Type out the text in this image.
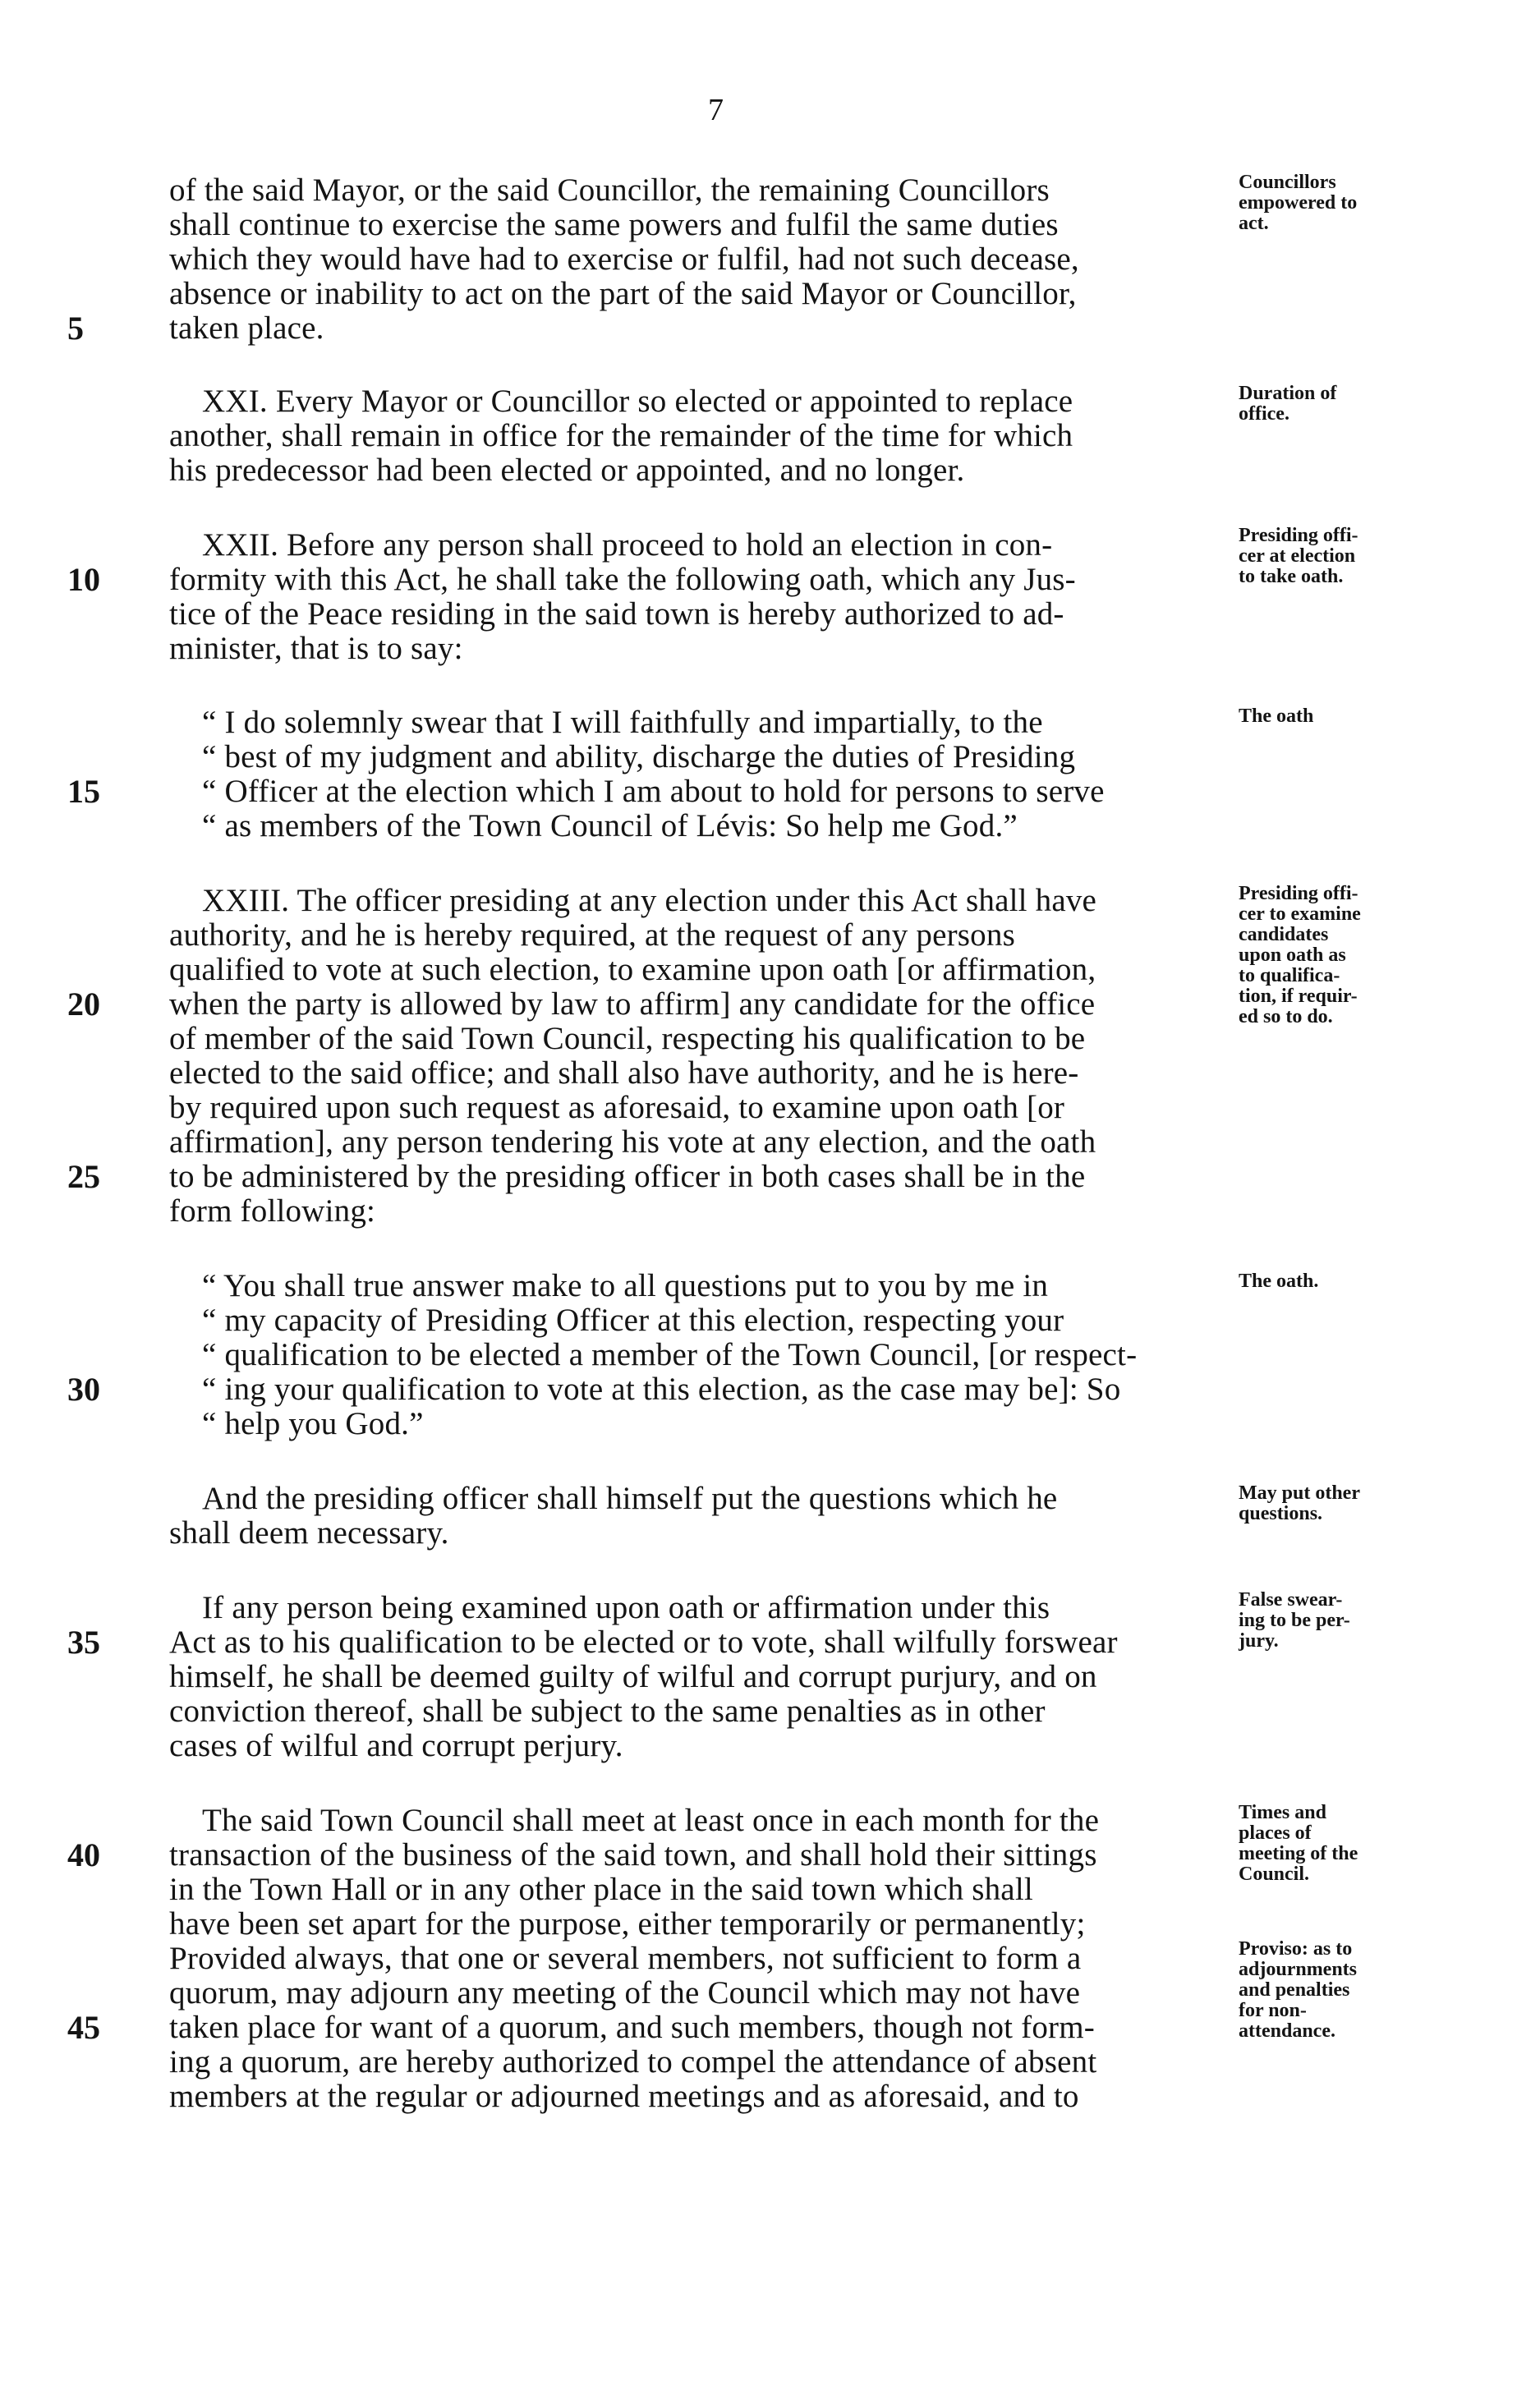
7
of the said Mayor, or the said Councillor, the remaining Councillors
shall continue to exercise the same powers and fulfil the same duties
which they would have had to exercise or fulfil, had not such decease,
absence or inability to act on the part of the said Mayor or Councillor,
taken place.
XXI. Every Mayor or Councillor so elected or appointed to replace
another, shall remain in office for the remainder of the time for which
his predecessor had been elected or appointed, and no longer.
XXII. Before any person shall proceed to hold an election in con-
formity with this Act, he shall take the following oath, which any Jus-
tice of the Peace residing in the said town is hereby authorized to ad-
minister, that is to say:
“ I do solemnly swear that I will faithfully and impartially, to the
“ best of my judgment and ability, discharge the duties of Presiding
“ Officer at the election which I am about to hold for persons to serve
“ as members of the Town Council of Lévis: So help me God.”
XXIII. The officer presiding at any election under this Act shall have
authority, and he is hereby required, at the request of any persons
qualified to vote at such election, to examine upon oath [or affirmation,
when the party is allowed by law to affirm] any candidate for the office
of member of the said Town Council, respecting his qualification to be
elected to the said office; and shall also have authority, and he is here-
by required upon such request as aforesaid, to examine upon oath [or
affirmation], any person tendering his vote at any election, and the oath
to be administered by the presiding officer in both cases shall be in the
form following:
“ You shall true answer make to all questions put to you by me in
“ my capacity of Presiding Officer at this election, respecting your
“ qualification to be elected a member of the Town Council, [or respect-
“ ing your qualification to vote at this election, as the case may be]: So
“ help you God.”
And the presiding officer shall himself put the questions which he
shall deem necessary.
If any person being examined upon oath or affirmation under this
Act as to his qualification to be elected or to vote, shall wilfully forswear
himself, he shall be deemed guilty of wilful and corrupt purjury, and on
conviction thereof, shall be subject to the same penalties as in other
cases of wilful and corrupt perjury.
The said Town Council shall meet at least once in each month for the
transaction of the business of the said town, and shall hold their sittings
in the Town Hall or in any other place in the said town which shall
have been set apart for the purpose, either temporarily or permanently;
Provided always, that one or several members, not sufficient to form a
quorum, may adjourn any meeting of the Council which may not have
taken place for want of a quorum, and such members, though not form-
ing a quorum, are hereby authorized to compel the attendance of absent
members at the regular or adjourned meetings and as aforesaid, and to
5
10
15
20
25
30
35
40
45
Councillors
empowered to
act.
Duration of
office.
Presiding offi-
cer at election
to take oath.
The oath
Presiding offi-
cer to examine
candidates
upon oath as
to qualifica-
tion, if requir-
ed so to do.
The oath.
May put other
questions.
False swear-
ing to be per-
jury.
Times and
places of
meeting of the
Council.
Proviso: as to
adjournments
and penalties
for non-
attendance.
